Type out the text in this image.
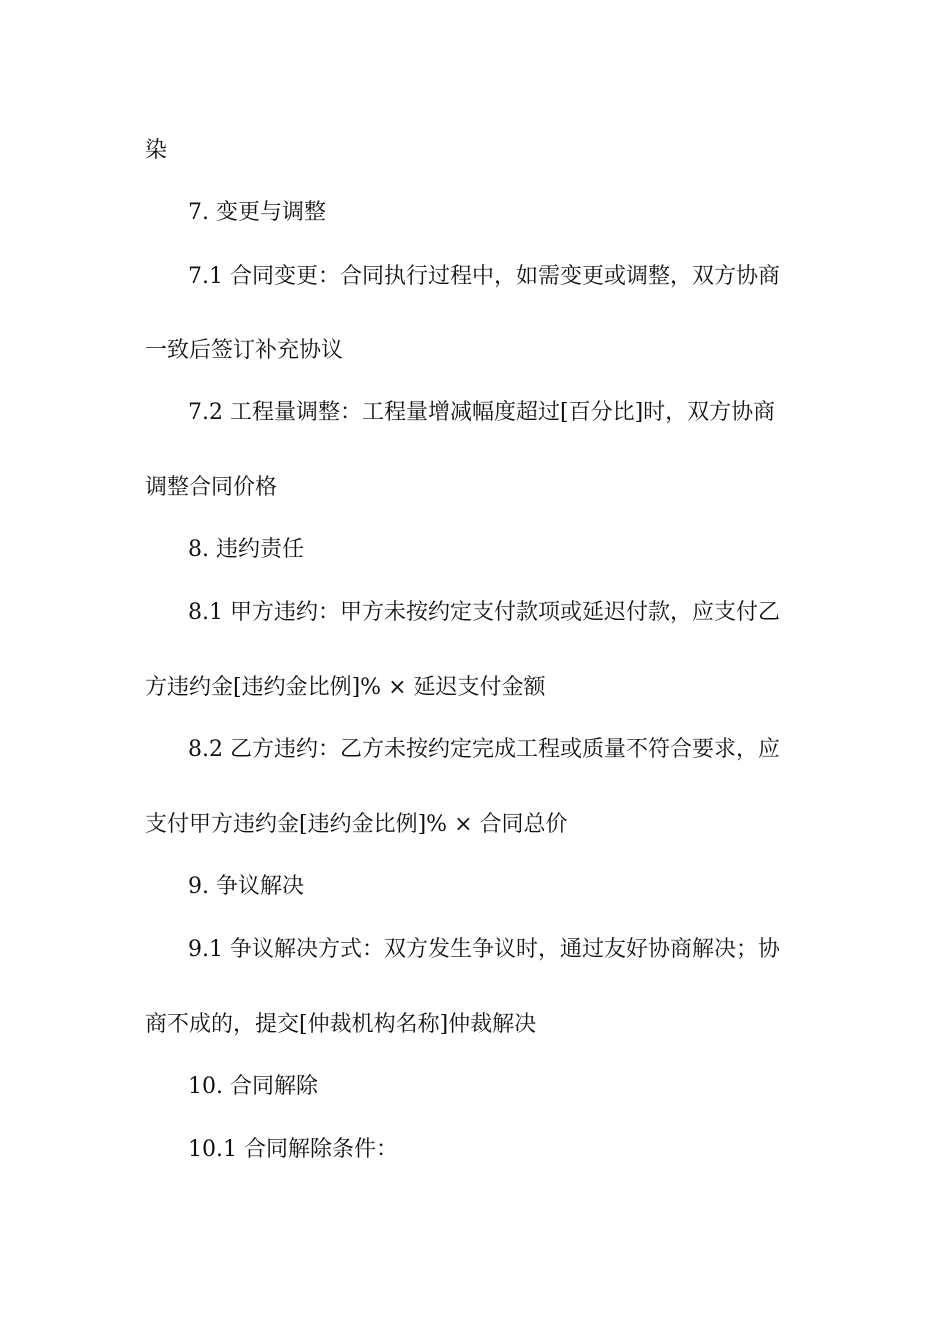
染
7. 变更与调整
7.1 合同变更：合同执行过程中，如需变更或调整，双方协商
一致后签订补充协议
7.2 工程量调整：工程量增减幅度超过[百分比]时，双方协商
调整合同价格
8. 违约责任
8.1 甲方违约：甲方未按约定支付款项或延迟付款，应支付乙
方违约金[违约金比例]% × 延迟支付金额
8.2 乙方违约：乙方未按约定完成工程或质量不符合要求，应
支付甲方违约金[违约金比例]% × 合同总价
9. 争议解决
9.1 争议解决方式：双方发生争议时，通过友好协商解决；协
商不成的，提交[仲裁机构名称]仲裁解决
10. 合同解除
10.1 合同解除条件：
